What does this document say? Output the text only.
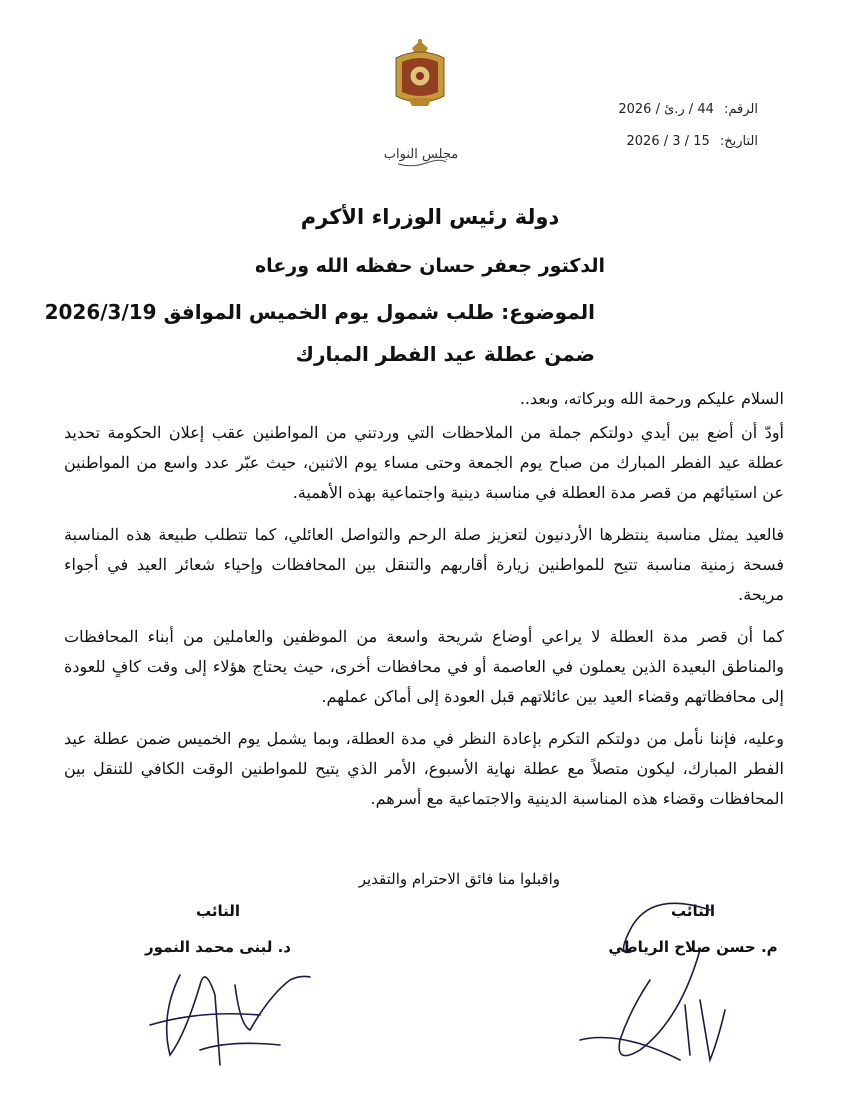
الرقم: 44 / ر.ئ / 2026
التاريخ: 15 / 3 / 2026
مجلس النواب
دولة رئيس الوزراء الأكرم
الدكتور جعفر حسان حفظه الله ورعاه
الموضوع: طلب شمول يوم الخميس الموافق 2026/3/19
ضمن عطلة عيد الفطر المبارك

السلام عليكم ورحمة الله وبركاته، وبعد..

أودّ أن أضع بين أيدي دولتكم جملة من الملاحظات التي وردتني من المواطنين عقب إعلان الحكومة تحديد عطلة عيد الفطر المبارك من صباح يوم الجمعة وحتى مساء يوم الاثنين، حيث عبّر عدد واسع من المواطنين عن استيائهم من قصر مدة العطلة في مناسبة دينية واجتماعية بهذه الأهمية.

فالعيد يمثل مناسبة ينتظرها الأردنيون لتعزيز صلة الرحم والتواصل العائلي، كما تتطلب طبيعة هذه المناسبة فسحة زمنية مناسبة تتيح للمواطنين زيارة أقاربهم والتنقل بين المحافظات وإحياء شعائر العيد في أجواء مريحة.

كما أن قصر مدة العطلة لا يراعي أوضاع شريحة واسعة من الموظفين والعاملين من أبناء المحافظات والمناطق البعيدة الذين يعملون في العاصمة أو في محافظات أخرى، حيث يحتاج هؤلاء إلى وقت كافٍ للعودة إلى محافظاتهم وقضاء العيد بين عائلاتهم قبل العودة إلى أماكن عملهم.

وعليه، فإننا نأمل من دولتكم التكرم بإعادة النظر في مدة العطلة، وبما يشمل يوم الخميس ضمن عطلة عيد الفطر المبارك، ليكون متصلاً مع عطلة نهاية الأسبوع، الأمر الذي يتيح للمواطنين الوقت الكافي للتنقل بين المحافظات وقضاء هذه المناسبة الدينية والاجتماعية مع أسرهم.

واقبلوا منا فائق الاحترام والتقدير
النائب
م. حسن صلاح الرياطي
النائب
د. لبنى محمد النمور
